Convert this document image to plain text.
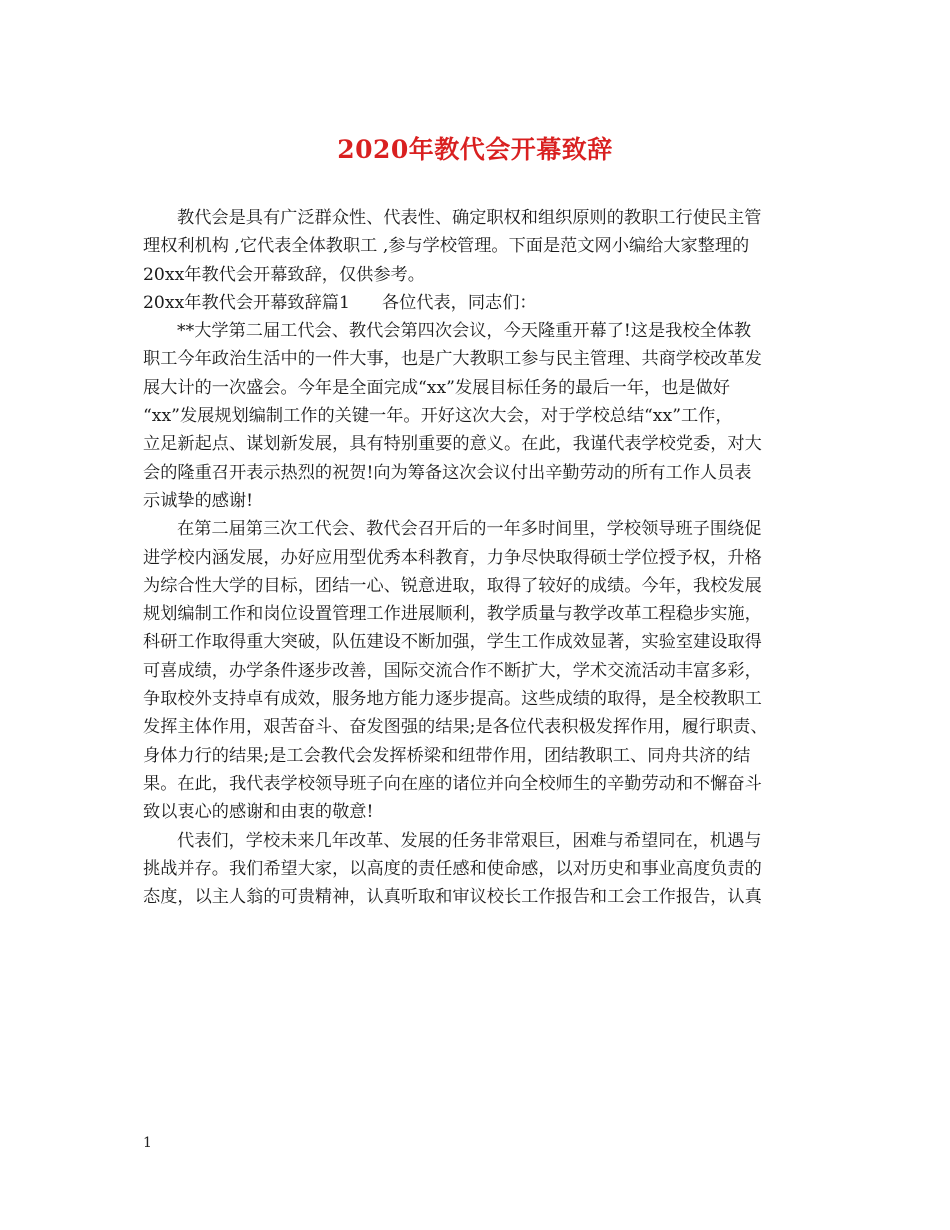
2020年教代会开幕致辞
教代会是具有广泛群众性、代表性、确定职权和组织原则的教职工行使民主管
理权利机构 ,它代表全体教职工 ,参与学校管理。下面是范文网小编给大家整理的
20xx年教代会开幕致辞，仅供参考。
20xx年教代会开幕致辞篇1 各位代表，同志们：
**大学第二届工代会、教代会第四次会议，今天隆重开幕了!这是我校全体教
职工今年政治生活中的一件大事，也是广大教职工参与民主管理、共商学校改革发
展大计的一次盛会。今年是全面完成“xx”发展目标任务的最后一年，也是做好
“xx”发展规划编制工作的关键一年。开好这次大会，对于学校总结“xx”工作，
立足新起点、谋划新发展，具有特别重要的意义。在此，我谨代表学校党委，对大
会的隆重召开表示热烈的祝贺!向为筹备这次会议付出辛勤劳动的所有工作人员表
示诚挚的感谢!
在第二届第三次工代会、教代会召开后的一年多时间里，学校领导班子围绕促
进学校内涵发展，办好应用型优秀本科教育，力争尽快取得硕士学位授予权，升格
为综合性大学的目标，团结一心、锐意进取，取得了较好的成绩。今年，我校发展
规划编制工作和岗位设置管理工作进展顺利，教学质量与教学改革工程稳步实施，
科研工作取得重大突破，队伍建设不断加强，学生工作成效显著，实验室建设取得
可喜成绩，办学条件逐步改善，国际交流合作不断扩大，学术交流活动丰富多彩，
争取校外支持卓有成效，服务地方能力逐步提高。这些成绩的取得，是全校教职工
发挥主体作用，艰苦奋斗、奋发图强的结果;是各位代表积极发挥作用，履行职责、
身体力行的结果;是工会教代会发挥桥梁和纽带作用，团结教职工、同舟共济的结
果。在此，我代表学校领导班子向在座的诸位并向全校师生的辛勤劳动和不懈奋斗
致以衷心的感谢和由衷的敬意!
代表们，学校未来几年改革、发展的任务非常艰巨，困难与希望同在，机遇与
挑战并存。我们希望大家，以高度的责任感和使命感，以对历史和事业高度负责的
态度，以主人翁的可贵精神，认真听取和审议校长工作报告和工会工作报告，认真
1
